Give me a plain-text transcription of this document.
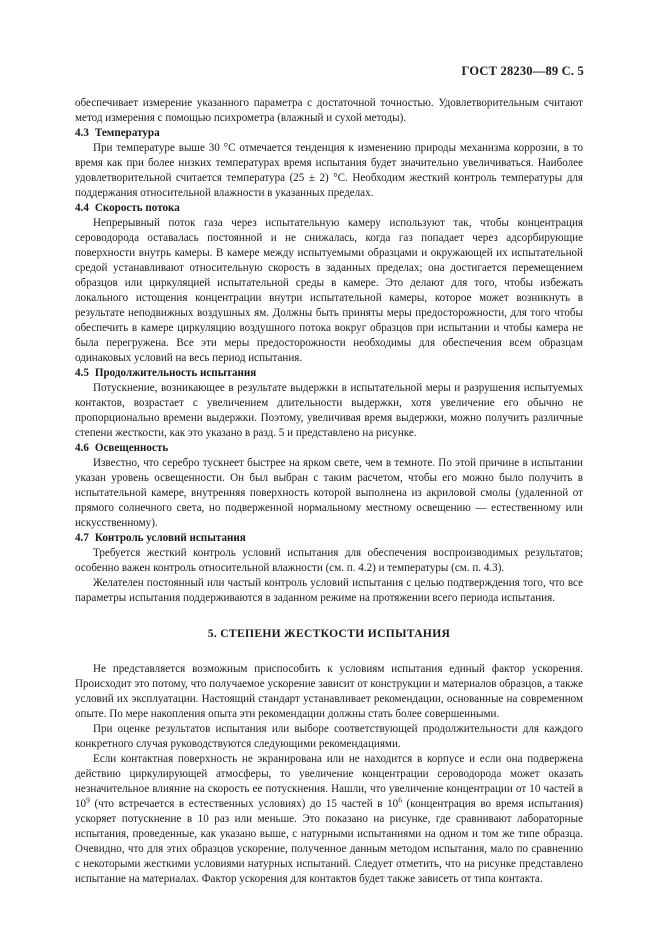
ГОСТ 28230—89 С. 5

обеспечивает измерение указанного параметра с достаточной точностью. Удовлетворительным считают метод измерения с помощью психрометра (влажный и сухой методы).

4.3 Температура

При температуре выше 30 °С отмечается тенденция к изменению природы механизма коррозии, в то время как при более низких температурах время испытания будет значительно увеличиваться. Наиболее удовлетворительной считается температура (25 ± 2) °С. Необходим жесткий контроль температуры для поддержания относительной влажности в указанных пределах.

4.4 Скорость потока

Непрерывный поток газа через испытательную камеру используют так, чтобы концентрация сероводорода оставалась постоянной и не снижалась, когда газ попадает через адсорбирующие поверхности внутрь камеры. В камере между испытуемыми образцами и окружающей их испытательной средой устанавливают относительную скорость в заданных пределах; она достигается перемещением образцов или циркуляцией испытательной среды в камере. Это делают для того, чтобы избежать локального истощения концентрации внутри испытательной камеры, которое может возникнуть в результате неподвижных воздушных ям. Должны быть приняты меры предосторожности, для того чтобы обеспечить в камере циркуляцию воздушного потока вокруг образцов при испытании и чтобы камера не была перегружена. Все эти меры предосторожности необходимы для обеспечения всем образцам одинаковых условий на весь период испытания.

4.5 Продолжительность испытания

Потускнение, возникающее в результате выдержки в испытательной меры и разрушения испытуемых контактов, возрастает с увеличением длительности выдержки, хотя увеличение его обычно не пропорционально времени выдержки. Поэтому, увеличивая время выдержки, можно получить различные степени жесткости, как это указано в разд. 5 и представлено на рисунке.

4.6 Освещенность

Известно, что серебро тускнеет быстрее на ярком свете, чем в темноте. По этой причине в испытании указан уровень освещенности. Он был выбран с таким расчетом, чтобы его можно было получить в испытательной камере, внутренняя поверхность которой выполнена из акриловой смолы (удаленной от прямого солнечного света, но подверженной нормальному местному освещению — естественному или искусственному).

4.7 Контроль условий испытания

Требуется жесткий контроль условий испытания для обеспечения воспроизводимых результатов; особенно важен контроль относительной влажности (см. п. 4.2) и температуры (см. п. 4.3).

Желателен постоянный или частый контроль условий испытания с целью подтверждения того, что все параметры испытания поддерживаются в заданном режиме на протяжении всего периода испытания.

5. СТЕПЕНИ ЖЕСТКОСТИ ИСПЫТАНИЯ

Не представляется возможным приспособить к условиям испытания единый фактор ускорения. Происходит это потому, что получаемое ускорение зависит от конструкции и материалов образцов, а также условий их эксплуатации. Настоящий стандарт устанавливает рекомендации, основанные на современном опыте. По мере накопления опыта эти рекомендации должны стать более совершенными.

При оценке результатов испытания или выборе соответствующей продолжительности для каждого конкретного случая руководствуются следующими рекомендациями.

Если контактная поверхность не экранирована или не находится в корпусе и если она подвержена действию циркулирующей атмосферы, то увеличение концентрации сероводорода может оказать незначительное влияние на скорость ее потускнения. Нашли, что увеличение концентрации от 10 частей в $10^9$ (что встречается в естественных условиях) до 15 частей в $10^6$ (концентрация во время испытания) ускоряет потускнение в 10 раз или меньше. Это показано на рисунке, где сравнивают лабораторные испытания, проведенные, как указано выше, с натурными испытаниями на одном и том же типе образца. Очевидно, что для этих образцов ускорение, полученное данным методом испытания, мало по сравнению с некоторыми жесткими условиями натурных испытаний. Следует отметить, что на рисунке представлено испытание на материалах. Фактор ускорения для контактов будет также зависеть от типа контакта.
